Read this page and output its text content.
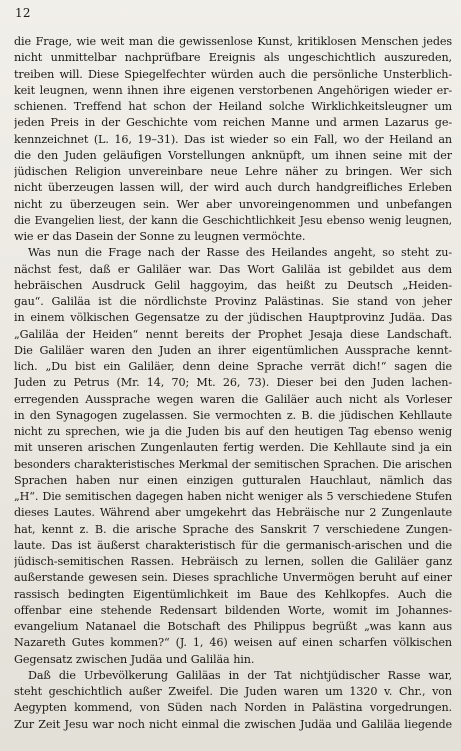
12
die Frage, wie weit man die gewissenlose Kunst, kritiklosen Menschen jedes
nicht unmittelbar nachprüfbare Ereignis als ungeschichtlich auszureden,
treiben will. Diese Spiegelfechter würden auch die persönliche Unsterblich-
keit leugnen, wenn ihnen ihre eigenen verstorbenen Angehörigen wieder er-
schienen. Treffend hat schon der Heiland solche Wirklichkeitsleugner um
jeden Preis in der Geschichte vom reichen Manne und armen Lazarus ge-
kennzeichnet (L. 16, 19–31). Das ist wieder so ein Fall, wo der Heiland an
die den Juden geläufigen Vorstellungen anknüpft, um ihnen seine mit der
jüdischen Religion unvereinbare neue Lehre näher zu bringen. Wer sich
nicht überzeugen lassen will, der wird auch durch handgreifliches Erleben
nicht zu überzeugen sein. Wer aber unvoreingenommen und unbefangen
die Evangelien liest, der kann die Geschichtlichkeit Jesu ebenso wenig leugnen,
wie er das Dasein der Sonne zu leugnen vermöchte.
Was nun die Frage nach der Rasse des Heilandes angeht, so steht zu-
nächst fest, daß er Galiläer war. Das Wort Galiläa ist gebildet aus dem
hebräischen Ausdruck Gelil haggoyim, das heißt zu Deutsch „Heiden-
gau“. Galiläa ist die nördlichste Provinz Palästinas. Sie stand von jeher
in einem völkischen Gegensatze zu der jüdischen Hauptprovinz Judäa. Das
„Galiläa der Heiden“ nennt bereits der Prophet Jesaja diese Landschaft.
Die Galiläer waren den Juden an ihrer eigentümlichen Aussprache kennt-
lich. „Du bist ein Galiläer, denn deine Sprache verrät dich!“ sagen die
Juden zu Petrus (Mr. 14, 70; Mt. 26, 73). Dieser bei den Juden lachen-
erregenden Aussprache wegen waren die Galiläer auch nicht als Vorleser
in den Synagogen zugelassen. Sie vermochten z. B. die jüdischen Kehllaute
nicht zu sprechen, wie ja die Juden bis auf den heutigen Tag ebenso wenig
mit unseren arischen Zungenlauten fertig werden. Die Kehllaute sind ja ein
besonders charakteristisches Merkmal der semitischen Sprachen. Die arischen
Sprachen haben nur einen einzigen gutturalen Hauchlaut, nämlich das
„H“. Die semitischen dagegen haben nicht weniger als 5 verschiedene Stufen
dieses Lautes. Während aber umgekehrt das Hebräische nur 2 Zungenlaute
hat, kennt z. B. die arische Sprache des Sanskrit 7 verschiedene Zungen-
laute. Das ist äußerst charakteristisch für die germanisch-arischen und die
jüdisch-semitischen Rassen. Hebräisch zu lernen, sollen die Galiläer ganz
außerstande gewesen sein. Dieses sprachliche Unvermögen beruht auf einer
rassisch bedingten Eigentümlichkeit im Baue des Kehlkopfes. Auch die
offenbar eine stehende Redensart bildenden Worte, womit im Johannes-
evangelium Natanael die Botschaft des Philippus begrüßt „was kann aus
Nazareth Gutes kommen?“ (J. 1, 46) weisen auf einen scharfen völkischen
Gegensatz zwischen Judäa und Galiläa hin.
Daß die Urbevölkerung Galiläas in der Tat nichtjüdischer Rasse war,
steht geschichtlich außer Zweifel. Die Juden waren um 1320 v. Chr., von
Aegypten kommend, von Süden nach Norden in Palästina vorgedrungen.
Zur Zeit Jesu war noch nicht einmal die zwischen Judäa und Galiläa liegende
